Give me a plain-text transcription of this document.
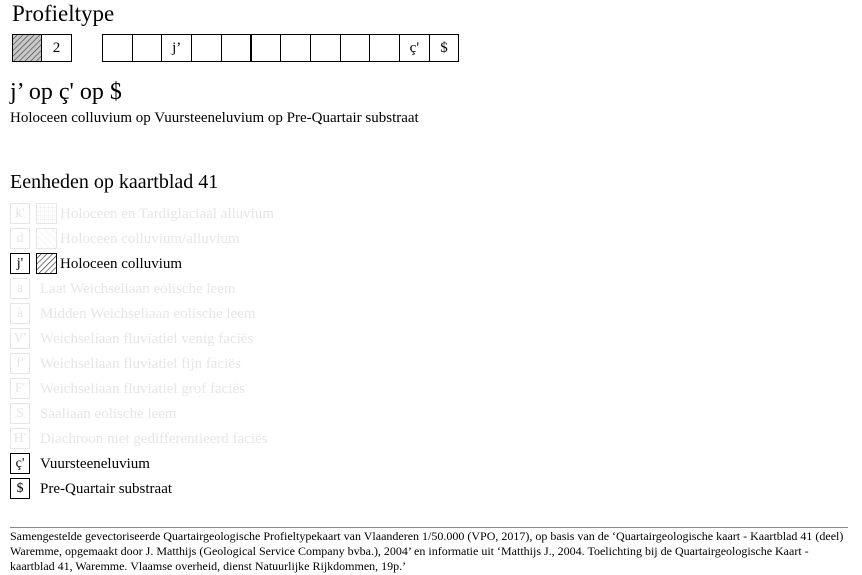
Profieltype
2	j’	ç'	$
j’ op ç' op $
Holoceen colluvium op Vuursteeneluvium op Pre-Quartair substraat
Eenheden op kaartblad 41
k'	Holoceen en Tardiglaciaal alluvium
d	Holoceen colluvium/alluvium
j'	Holoceen colluvium
a	Laat Weichseliaan eolische leem
à	Midden Weichseliaan eolische leem
V' Weichseliaan fluviatiel venig faciës
f'	Weichseliaan fluviatiel fijn faciës
F' Weichseliaan fluviatiel grof faciës
S	Saaliaan eolische leem
H' Diachroon niet gedifferentieerd faciës
ç'	Vuursteeneluvium
$	Pre-Quartair substraat
Samengestelde gevectoriseerde Quartairgeologische Profieltypekaart van Vlaanderen 1/50.000 (VPO, 2017), op basis van de ‘Quartairgeologische kaart - Kaartblad 41 (deel) Waremme, opgemaakt door J. Matthijs (Geological Service Company bvba.), 2004’ en informatie uit ‘Matthijs J., 2004. Toelichting bij de Quartairgeologische Kaart - kaartblad 41, Waremme. Vlaamse overheid, dienst Natuurlijke Rijkdommen, 19p.’
